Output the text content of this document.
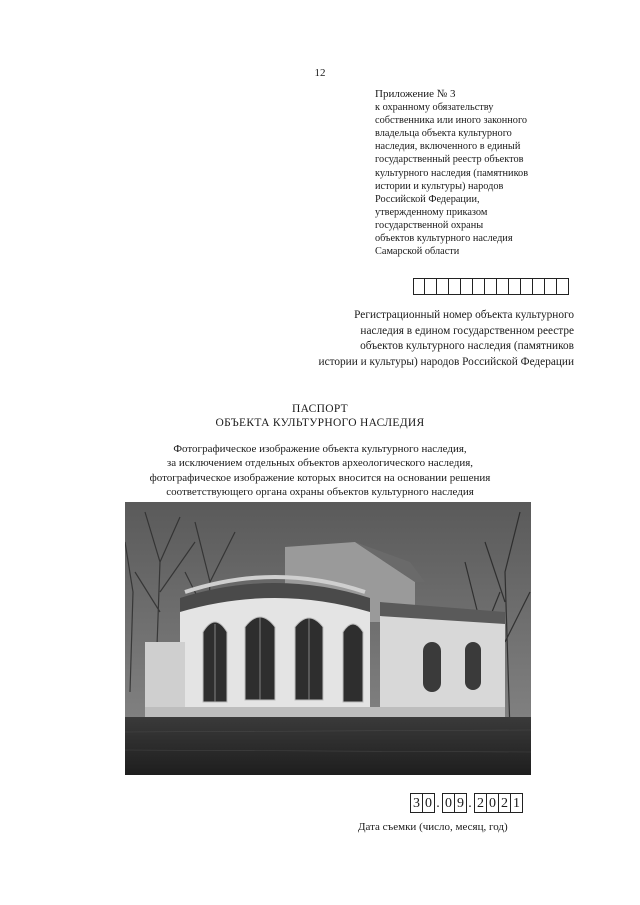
12
Приложение № 3
к охранному обязательству
собственника или иного законного
владельца объекта культурного
наследия, включенного в единый
государственный реестр объектов
культурного наследия (памятников
истории и культуры) народов
Российской Федерации,
утвержденному приказом
государственной охраны
объектов культурного наследия
Самарской области
Регистрационный номер объекта культурного
наследия в едином государственном реестре
объектов культурного наследия (памятников
истории и культуры) народов Российской Федерации
ПАСПОРТ
ОБЪЕКТА КУЛЬТУРНОГО НАСЛЕДИЯ
Фотографическое изображение объекта культурного наследия,
за исключением отдельных объектов археологического наследия,
фотографическое изображение которых вносится на основании решения
соответствующего органа охраны объектов культурного наследия
3 0 . 0 9 . 2 0 2 1
Дата съемки (число, месяц, год)
